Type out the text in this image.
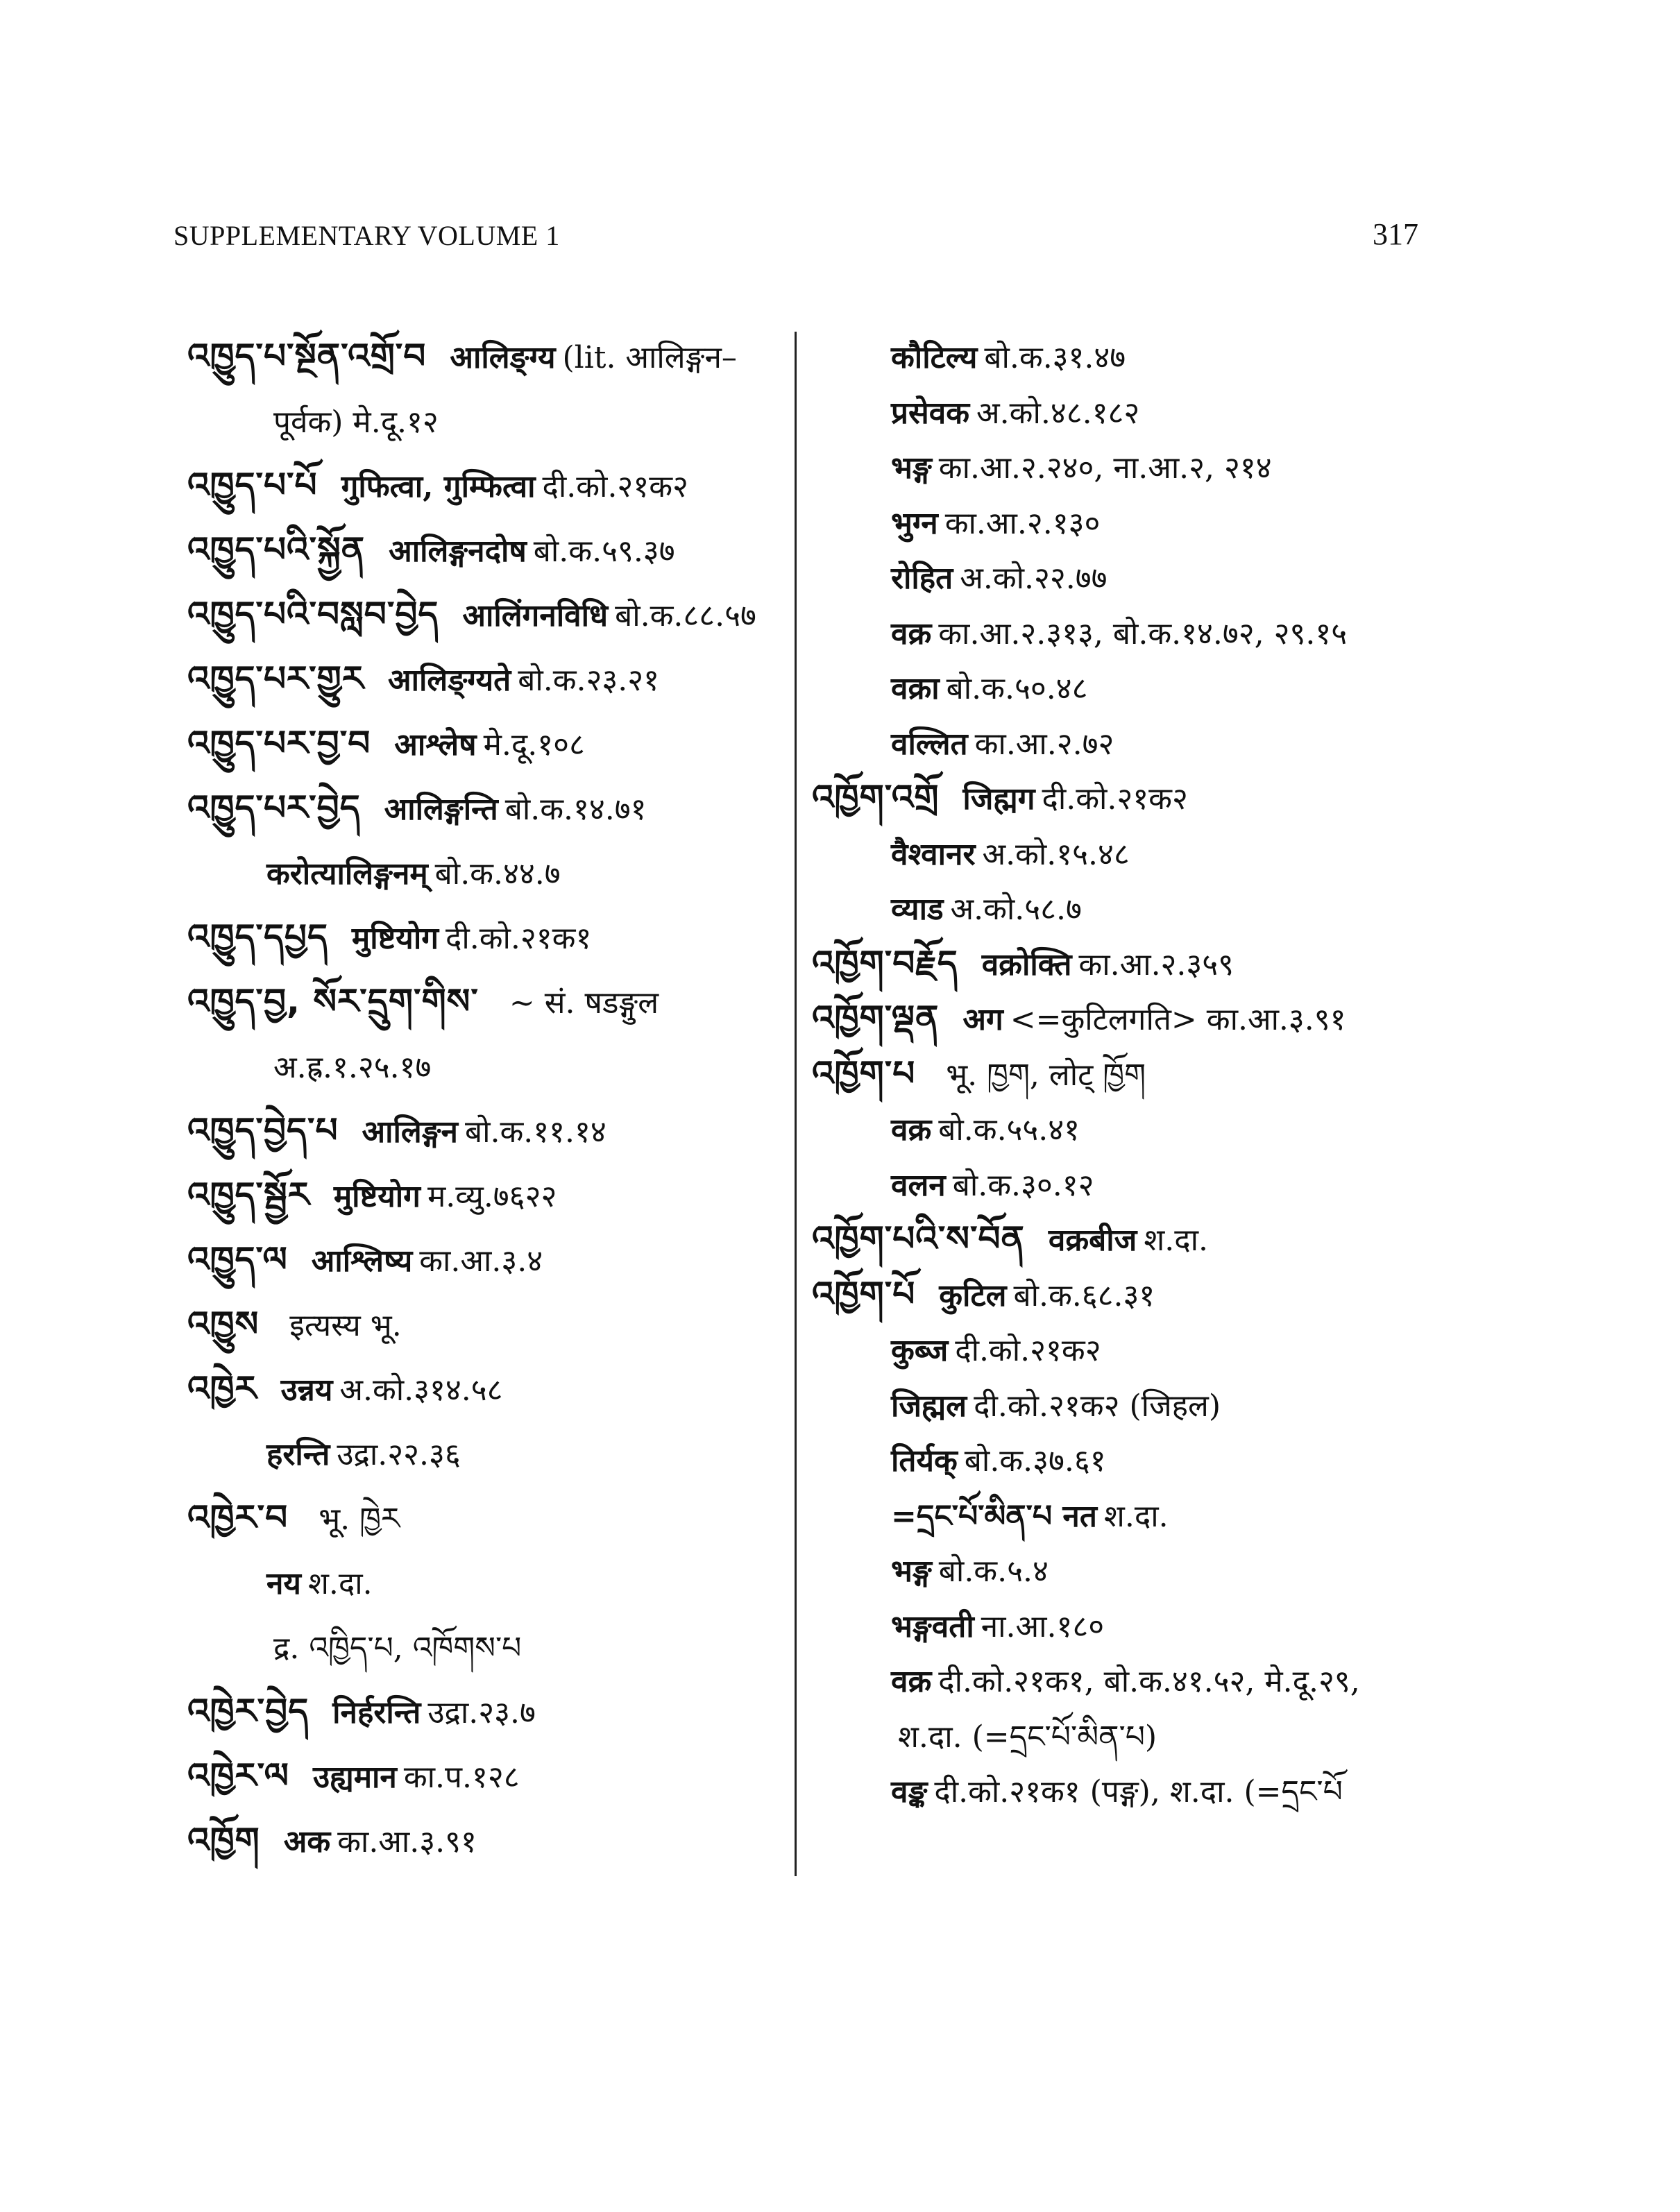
SUPPLEMENTARY VOLUME 1	317
འཁྱུད་པ་སྔོན་འགྲོ་བ आलिङ्ग्य (lit. आलिङ्गन–
पूर्वक) मे.दू.१२
འཁྱུད་པ་པོ गुफित्वा, गुम्फित्वा दी.को.२१क२
འཁྱུད་པའི་སྐྱོན आलिङ्गनदोष बो.क.५९.३७
འཁྱུད་པའི་བསླབ་བྱེད आलिंगनविधि बो.क.८८.५७
འཁྱུད་པར་གྱུར आलिङ्ग्यते बो.क.२३.२१
འཁྱུད་པར་བྱ་བ आश्लेष मे.दू.१०८
འཁྱུད་པར་བྱེད आलिङ्गन्ति बो.क.१४.७१
करोत्यालिङ्गनम् बो.क.४४.७
འཁྱུད་དཔྱད मुष्टियोग दी.को.२१क१
འཁྱུད་བྱ, སོར་དྲུག་གིས་ ~ सं. षडङ्गुल
अ.ह्र.१.२५.१७
འཁྱུད་བྱེད་པ आलिङ्गन बो.क.११.१४
འཁྱུད་སྦྱོར मुष्टियोग म.व्यु.७६२२
འཁྱུད་ལ आश्लिष्य का.आ.३.४
འཁྱུས इत्यस्य भू.
འཁྱེར उन्नय अ.को.३१४.५८
हरन्ति उद्रा.२२.३६
འཁྱེར་བ भू. ཁྱེར
नय श.दा.
द्र. འཁྱིད་པ, འཁོགས་པ
འཁྱེར་བྱེད निर्हरन्ति उद्रा.२३.७
འཁྱེར་ལ उह्यमान का.प.१२८
འཁྱོག अक का.आ.३.९१
कौटिल्य बो.क.३१.४७
प्रसेवक अ.को.४८.१८२
भङ्ग का.आ.२.२४०, ना.आ.२, २१४
भुग्न का.आ.२.१३०
रोहित अ.को.२२.७७
वक्र का.आ.२.३१३, बो.क.१४.७२, २९.१५
वक्रा बो.क.५०.४८
वल्लित का.आ.२.७२
འཁྱོག་འགྲོ जिह्मग दी.को.२१क२
वैश्वानर अ.को.१५.४८
व्याड अ.को.५८.७
འཁྱོག་བརྗོད वक्रोक्ति का.आ.२.३५९
འཁྱོག་ལྡན अग <=कुटिलगति> का.आ.३.९१
འཁྱོག་པ भू. ཁྱག, लोट् ཁྱོག
वक्र बो.क.५५.४१
वलन बो.क.३०.१२
འཁྱོག་པའི་ས་བོན वक्रबीज श.दा.
འཁྱོག་པོ कुटिल बो.क.६८.३१
कुब्ज दी.को.२१क२
जिह्मल दी.को.२१क२ (जिहल)
तिर्यक् बो.क.३७.६१
=དྲང་པོ་མིན་པ नत श.दा.
भङ्ग बो.क.५.४
भङ्गवती ना.आ.१८०
वक्र दी.को.२१क१, बो.क.४१.५२, मे.दू.२९,
श.दा. (=དྲང་པོ་མིན་པ)
वङ्क दी.को.२१क१ (पङ्ग), श.दा. (=དྲང་པོ
